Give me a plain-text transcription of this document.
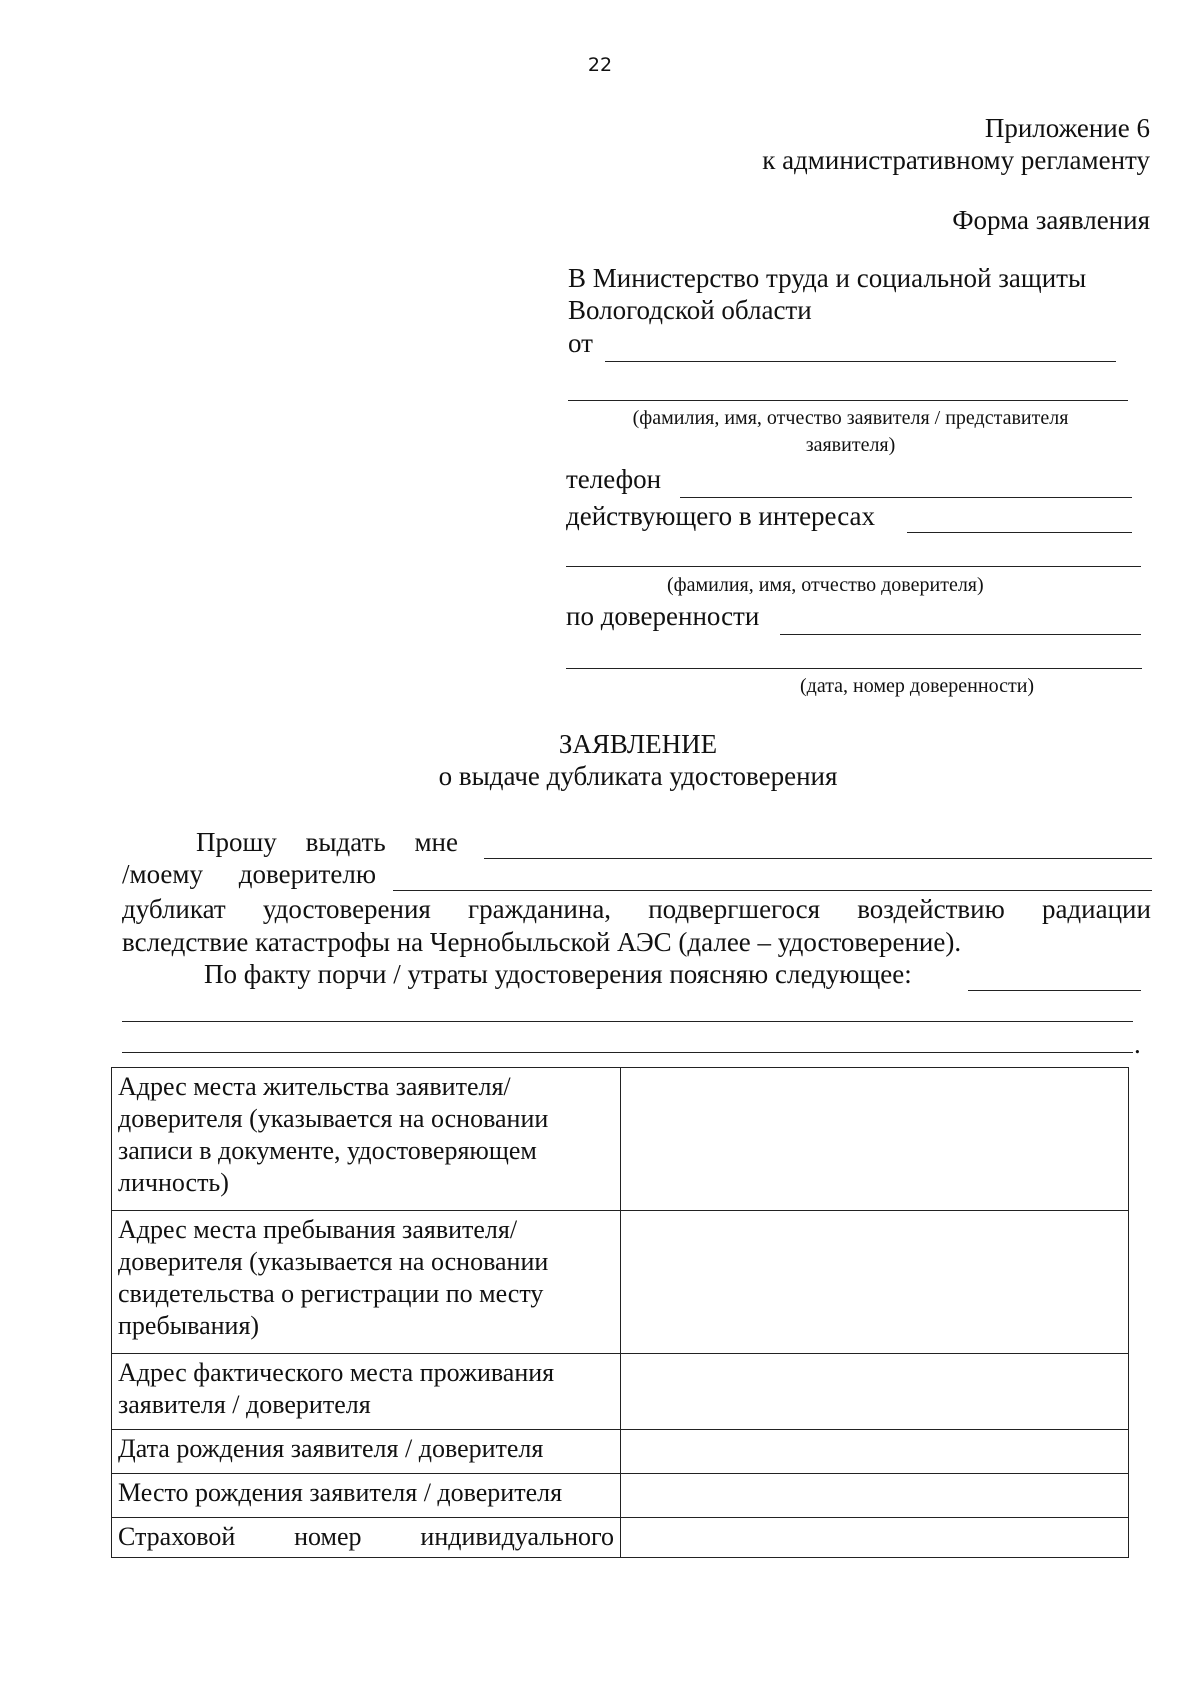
22
Приложение 6
к административному регламенту
Форма заявления
В Министерство труда и социальной защиты
Вологодской области
от
(фамилия, имя, отчество заявителя / представителя
заявителя)
телефон
действующего в интересах
(фамилия, имя, отчество доверителя)
по доверенности
(дата, номер доверенности)
ЗАЯВЛЕНИЕ
о выдаче дубликата удостоверения
Прошу выдать мне
/моему доверителю
дубликат удостоверения гражданина, подвергшегося воздействию радиации
вследствие катастрофы на Чернобыльской АЭС (далее – удостоверение).
По факту порчи / утраты удостоверения поясняю следующее:
.
Адрес места жительства заявителя/ доверителя (указывается на основании записи в документе, удостоверяющем личность)	
Адрес места пребывания заявителя/ доверителя (указывается на основании свидетельства о регистрации по месту пребывания)	
Адрес фактического места проживания заявителя / доверителя	
Дата рождения заявителя / доверителя	
Место рождения заявителя / доверителя	

Страховой номер индивидуального	
